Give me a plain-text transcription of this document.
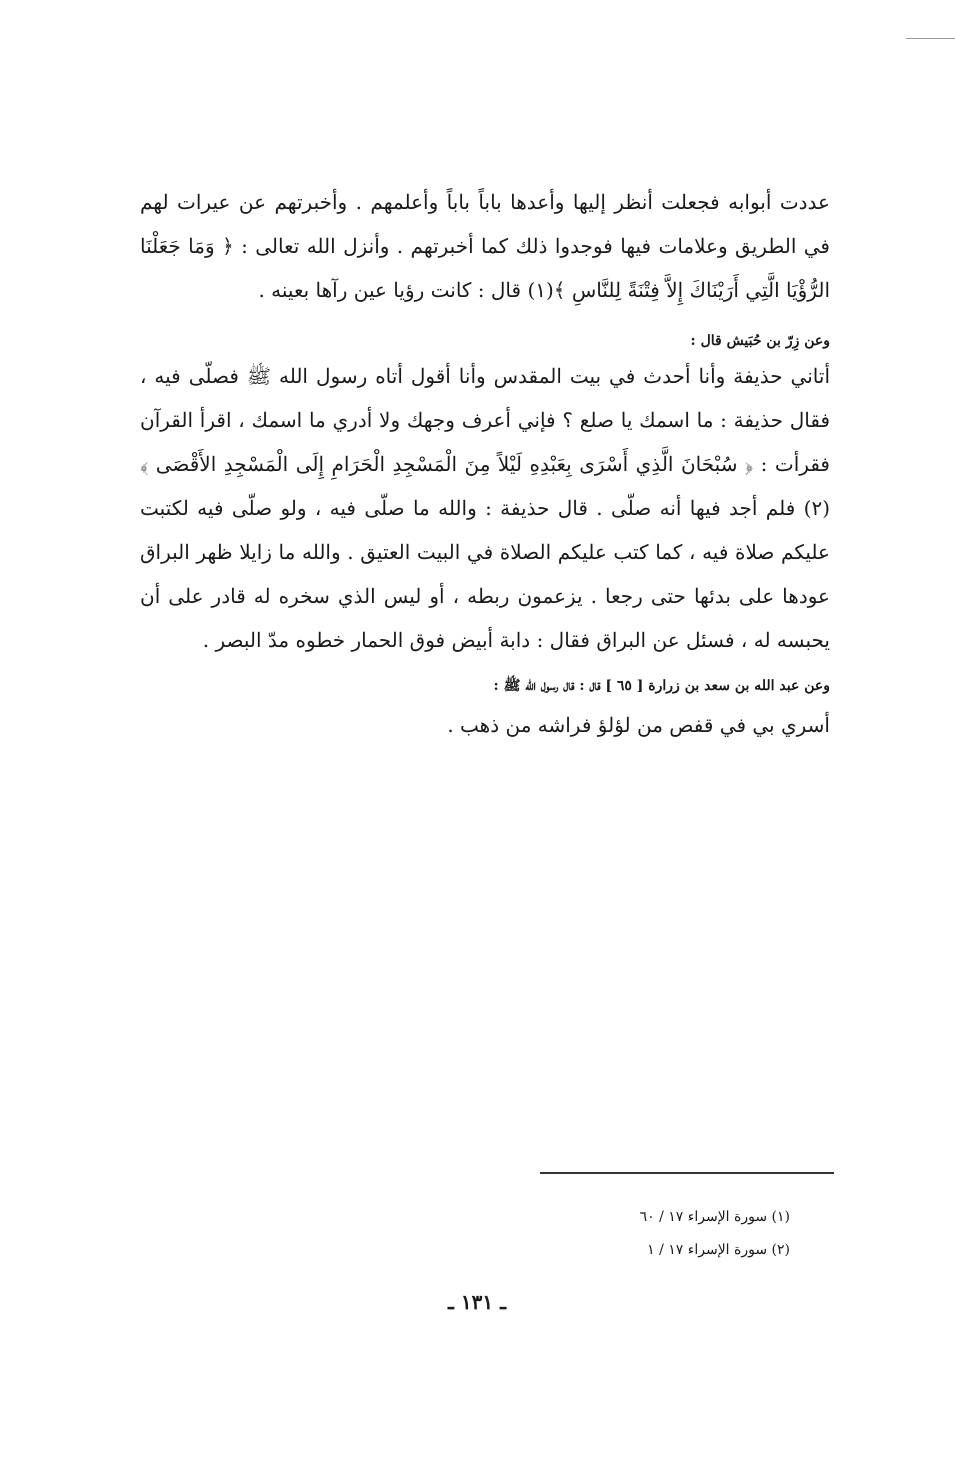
عددت أبوابه فجعلت أنظر إليها وأعدها باباً باباً وأعلمهم . وأخبرتهم عن عيرات لهم في الطريق وعلامات فيها فوجدوا ذلك كما أخبرتهم . وأنزل الله تعالى : ﴿ وَمَا جَعَلْنَا الرُّؤْيَا الَّتِي أَرَيْنَاكَ إِلاَّ فِتْنَةً لِلنَّاسِ ﴾(١) قال : كانت رؤيا عين رآها بعينه .

وعن زِرّ بن حُبَيش قال :

أتاني حذيفة وأنا أحدث في بيت المقدس وأنا أقول أتاه رسول الله ﷺ فصلّى فيه ، فقال حذيفة : ما اسمك يا صلع ؟ فإني أعرف وجهك ولا أدري ما اسمك ، اقرأ القرآن فقرأت : ﴿ سُبْحَانَ الَّذِي أَسْرَى بِعَبْدِهِ لَيْلاً مِنَ الْمَسْجِدِ الْحَرَامِ إِلَى الْمَسْجِدِ الأَقْصَى ﴾(٢) فلم أجد فيها أنه صلّى . قال حذيفة : والله ما صلّى فيه ، ولو صلّى فيه لكتبت عليكم صلاة فيه ، كما كتب عليكم الصلاة في البيت العتيق . والله ما زايلا ظهر البراق عودها على بدئها حتى رجعا . يزعمون ربطه ، أو ليس الذي سخره له قادر على أن يحبسه له ، فسئل عن البراق فقال : دابة أبيض فوق الحمار خطوه مدّ البصر .

وعن عبد الله بن سعد بن زرارة [ ٦٥ ] قال : قال رسول الله ﷺ :

أسري بي في قفص من لؤلؤ فراشه من ذهب .

(١) سورة الإسراء ١٧ / ٦٠
(٢) سورة الإسراء ١٧ / ١
ـ ١٣١ ـ
